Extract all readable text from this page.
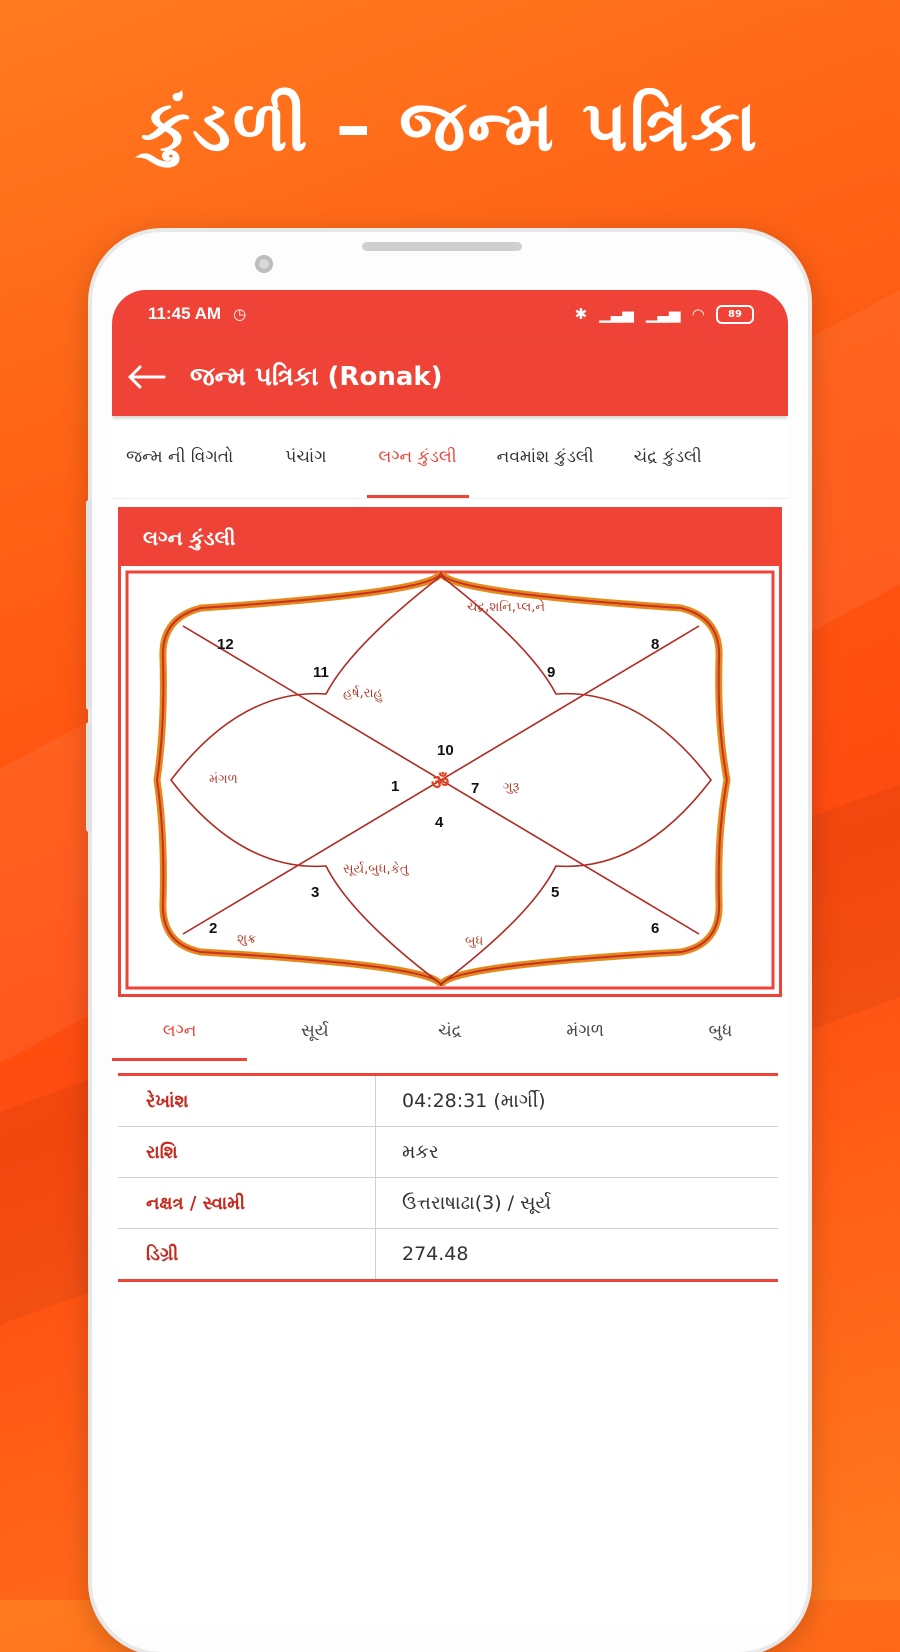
કુંડળી – જન્મ પત્રિકા
11:45 AM ◷	✱ ▁▃▅ ▁▃▅ ◠	89
જન્મ પત્રિકા (Ronak)
જન્મ ની વિગતો	પંચાંગ	લગ્ન કુંડલી	નવમાંશ કુંડલી	ચંદ્ર કુંડલી
લગ્ન કુંડલી
12
11
10
9
8
1	7
4
3	5
2	6
ॐ
ચંદ્ર,શનિ,પ્લ,ને
હર્ષ,રાહુ
ગુરૂ
મંગળ
સૂર્ય,બુધ,કેતુ
શુક્ર	બુધ
લગ્ન	સૂર્ય	ચંદ્ર	મંગળ	બુધ
રેખાંશ	04:28:31 (માર્ગી)
રાશિ	મકર
નક્ષત્ર / સ્વામી	ઉત્તરાષાઢા(3) / સૂર્ય
ડિગ્રી	274.48
